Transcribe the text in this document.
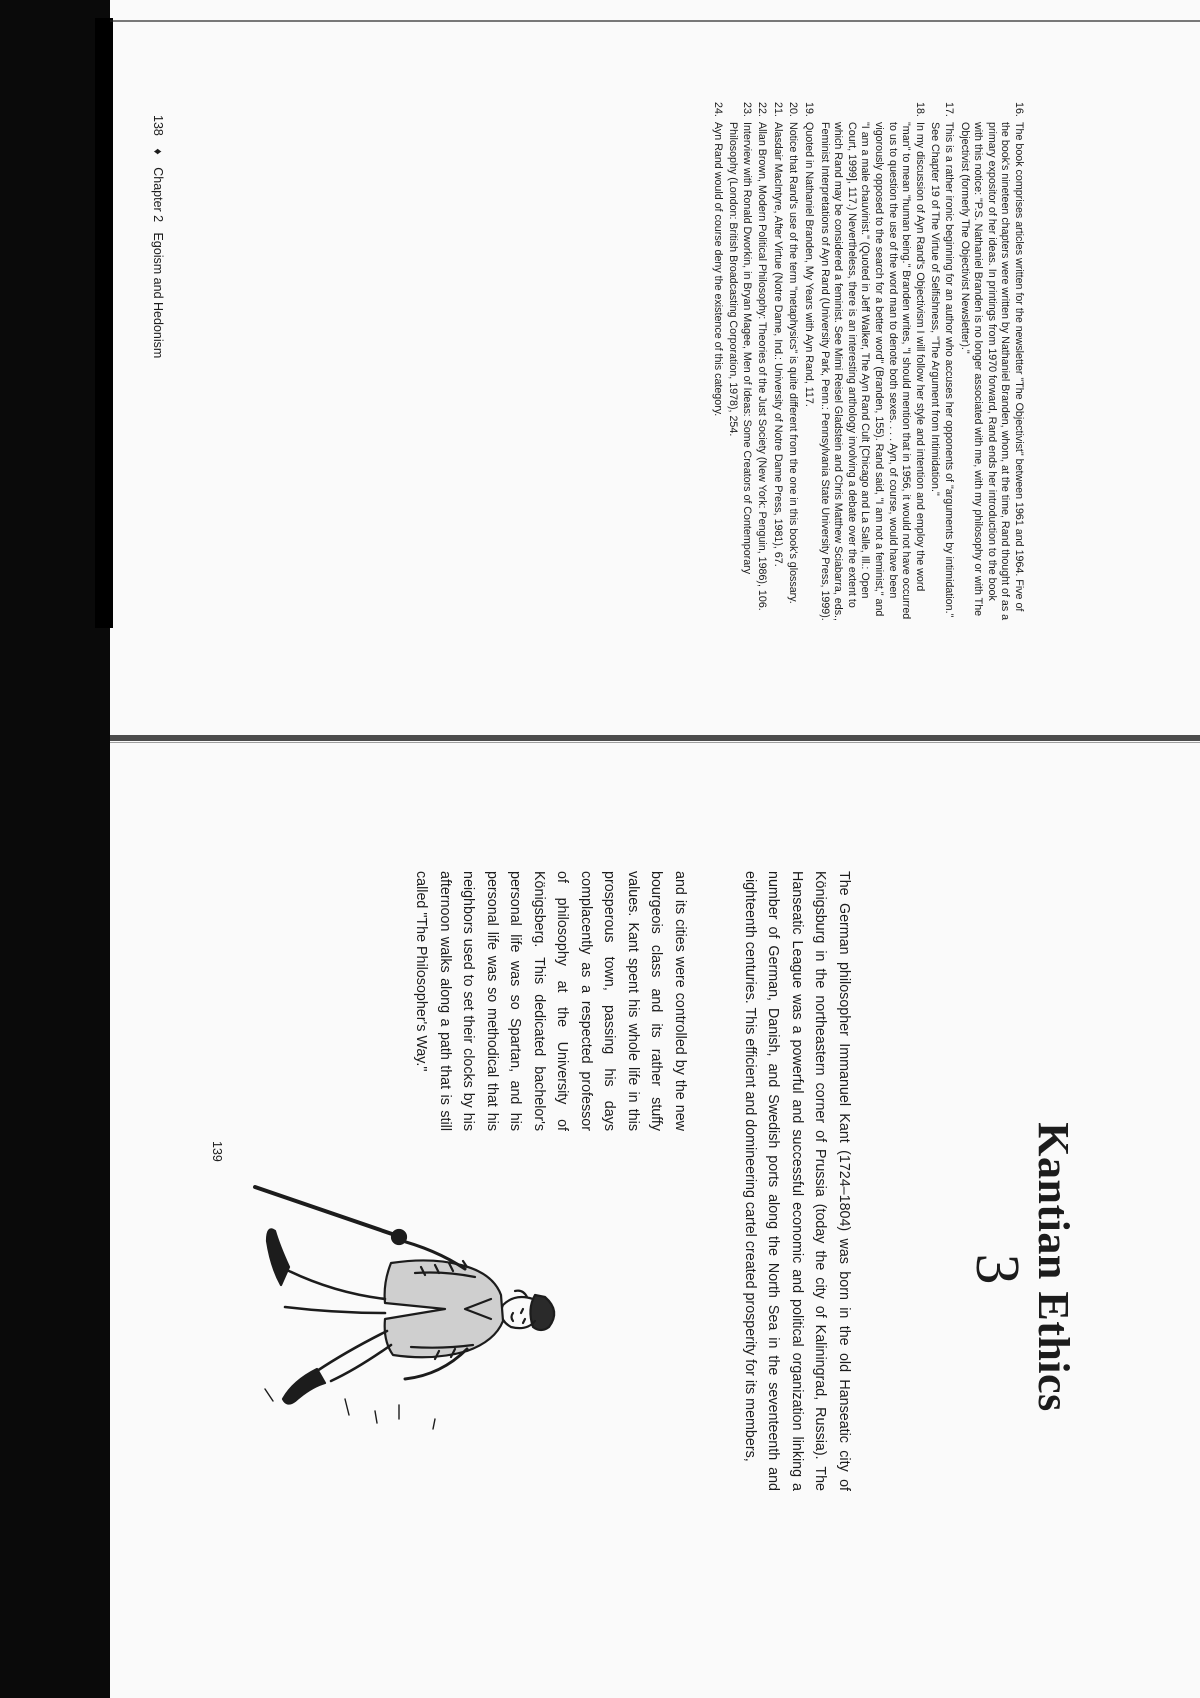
16.The book comprises articles written for the newsletter "The Objectivist" between 1961 and 1964. Five of the book's nineteen chapters were written by Nathaniel Branden, whom, at the time, Rand thought of as a primary expositor of her ideas. In printings from 1970 forward, Rand ends her introduction to the book with this notice: "P.S. Nathaniel Branden is no longer associated with me, with my philosophy or with The Objectivist (formerly The Objectivist Newsletter)."

17.This is a rather ironic beginning for an author who accuses her opponents of "arguments by intimidation." See Chapter 19 of The Virtue of Selfishness, "The Argument from Intimidation."

18.In my discussion of Ayn Rand's Objectivism I will follow her style and intention and employ the word "man" to mean "human being." Branden writes, "I should mention that in 1956, it would not have occurred to us to question the use of the word man to denote both sexes. . . . Ayn, of course, would have been vigorously opposed to the search for a better word" (Branden, 155). Rand said, "I am not a feminist," and "I am a male chauvinist." (Quoted in Jeff Walker, The Ayn Rand Cult [Chicago and La Salle, Ill.: Open Court, 1999], 117.) Nevertheless, there is an interesting anthology involving a debate over the extent to which Rand may be considered a feminist. See Mimi Reisel Gladstein and Chris Matthew Sciabarra, eds., Feminist Interpretations of Ayn Rand (University Park, Penn.: Pennsylvania State University Press, 1999).

19.Quoted in Nathaniel Branden, My Years with Ayn Rand, 117.

20.Notice that Rand's use of the term "metaphysics" is quite different from the one in this book's glossary.

21.Alasdair MacIntyre, After Virtue (Notre Dame, Ind.: University of Notre Dame Press, 1981), 67.

22.Allan Brown, Modern Political Philosophy: Theories of the Just Society (New York: Penguin, 1986), 106.

23.Interview with Ronald Dworkin, in Bryan Magee, Men of Ideas: Some Creators of Contemporary Philosophy (London: British Broadcasting Corporation, 1978), 254.

24.Ayn Rand would of course deny the existence of this category.

138 ♦ Chapter 2   Egoism and Hedonism
3
Kantian Ethics

The German philosopher Immanuel Kant (1724–1804) was born in the old Hanseatic city of Königsburg in the northeastern corner of Prussia (today the city of Kaliningrad, Russia). The Hanseatic League was a powerful and successful economic and political organization linking a number of German, Danish, and Swedish ports along the North Sea in the seventeenth and eighteenth centuries. This efficient and domineering cartel created prosperity for its members,

and its cities were controlled by the new bourgeois class and its rather stuffy values. Kant spent his whole life in this prosperous town, passing his days complacently as a respected professor of philosophy at the University of Königsberg. This dedicated bachelor's personal life was so Spartan, and his personal life was so methodical that his neighbors used to set their clocks by his afternoon walks along a path that is still called "The Philosopher's Way."

139
